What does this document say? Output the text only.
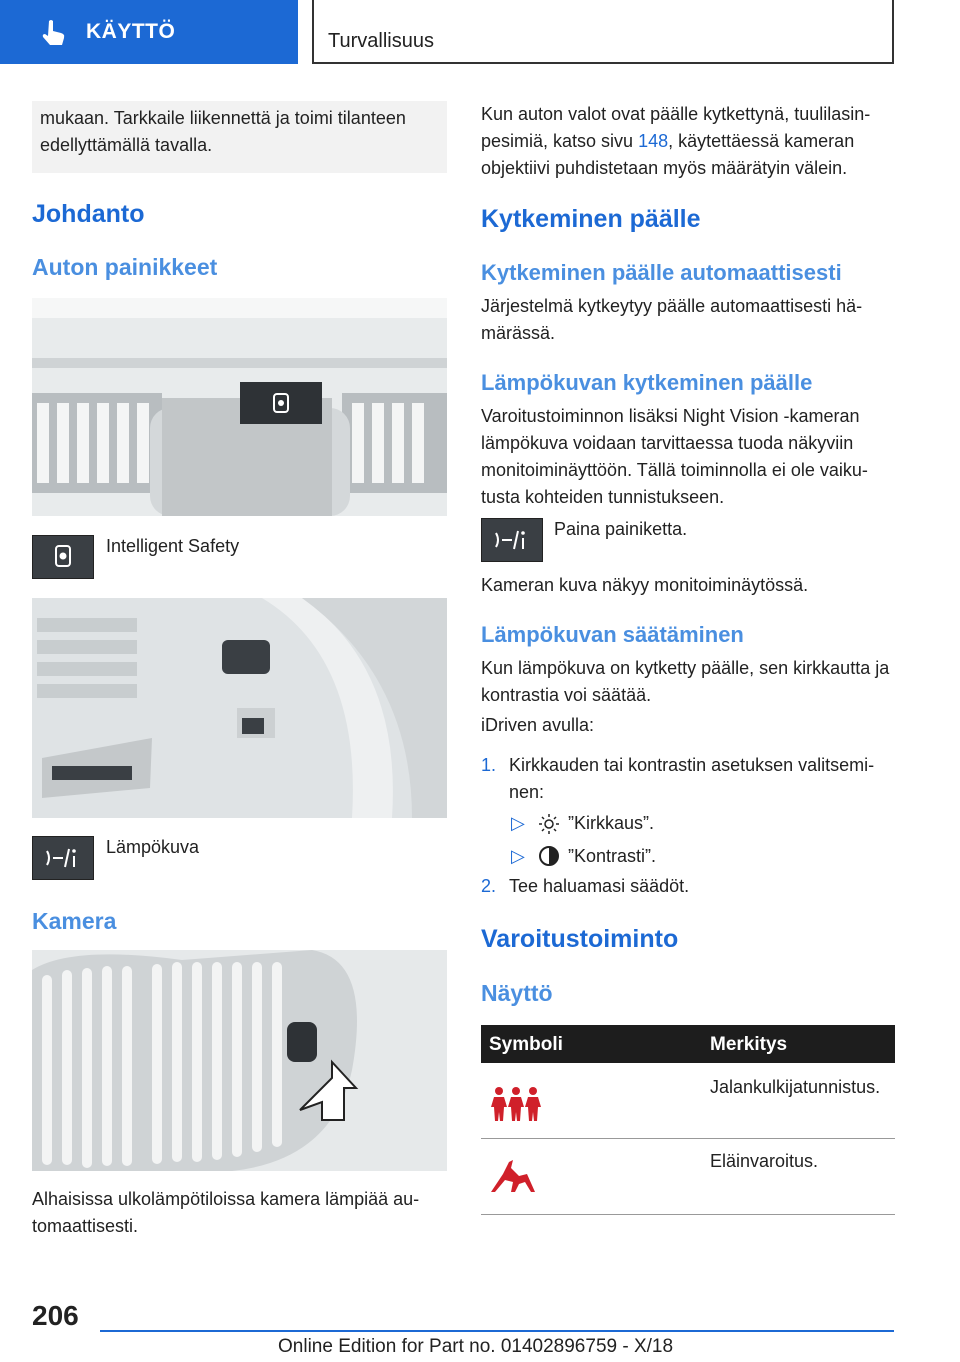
KÄYTTÖ	Turvallisuus
mukaan. Tarkkaile liikennettä ja toimi tilanteen edellyttämällä tavalla.
Johdanto
Auton painikkeet
Intelligent Safety
Lämpökuva
Kamera
Alhaisissa ulkolämpötiloissa kamera lämpiää au-tomaattisesti.
Kun auton valot ovat päälle kytkettynä, tuulilasin-pesimiä, katso sivu 148, käytettäessä kameran objektiivi puhdistetaan myös määrätyin välein.
Kytkeminen päälle
Kytkeminen päälle automaattisesti
Järjestelmä kytkeytyy päälle automaattisesti hä-märässä.
Lämpökuvan kytkeminen päälle
Varoitustoiminnon lisäksi Night Vision -kameran lämpökuva voidaan tarvittaessa tuoda näkyviin monitoiminäyttöön. Tällä toiminnolla ei ole vaiku-tusta kohteiden tunnistukseen.
Paina painiketta.
Kameran kuva näkyy monitoiminäytössä.
Lämpökuvan säätäminen
Kun lämpökuva on kytketty päälle, sen kirkkautta ja kontrastia voi säätää.
iDriven avulla:
1. Kirkkauden tai kontrastin asetuksen valitsemi-nen:
▷ ”Kirkkaus”.
▷ ”Kontrasti”.
2. Tee haluamasi säädöt.
Varoitustoiminto
Näyttö
Symboli	Merkitys
Jalankulkijatunnistus.
Eläinvaroitus.
206
Online Edition for Part no. 01402896759 - X/18
